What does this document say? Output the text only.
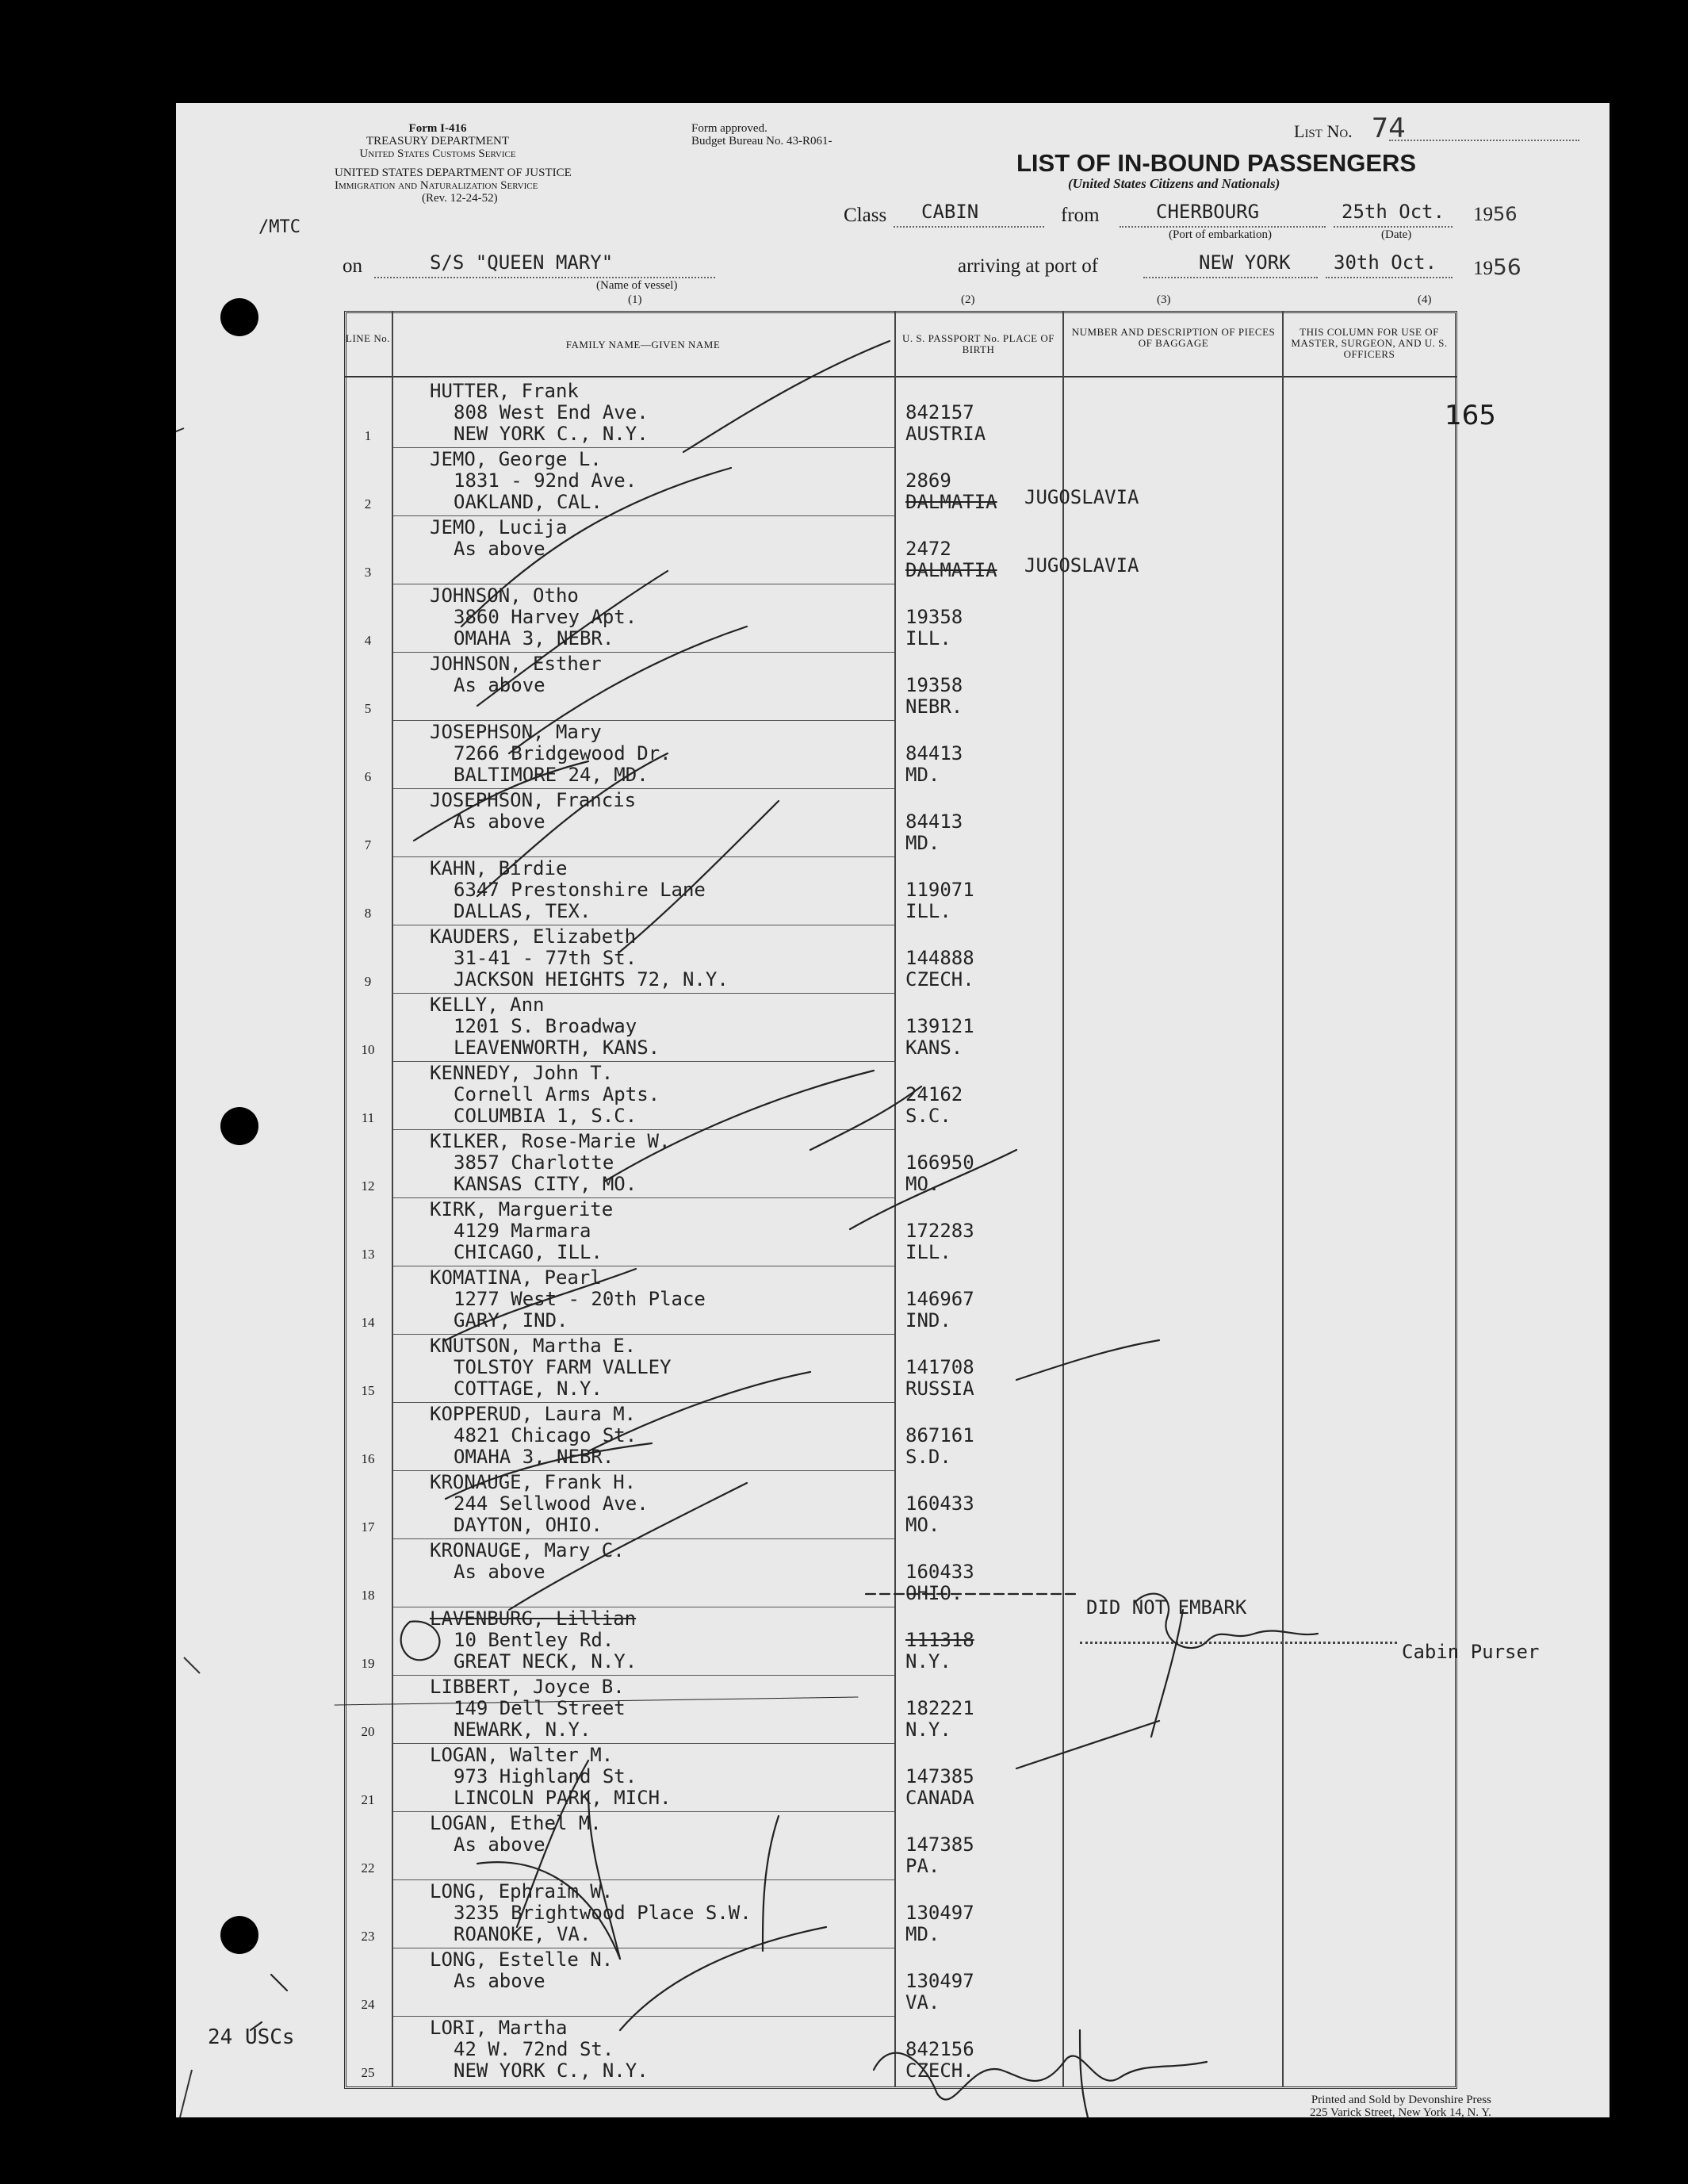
Form I-416
TREASURY DEPARTMENT
United States Customs Service
UNITED STATES DEPARTMENT OF JUSTICE
Immigration and Naturalization Service
(Rev. 12-24-52)
Form approved.
Budget Bureau No. 43-R061-	List No. 74
LIST OF IN-BOUND PASSENGERS
(United States Citizens and Nationals)
Class CABIN	from	CHERBOURG
(Port of embarkation)
25th Oct.
(Date)
1956
/MTC
on	S/S "QUEEN MARY"
(Name of vessel)
arriving at port of	NEW YORK 30th Oct. 1956
(1)	(2)	(3)	(4)
LINE No.
FAMILY NAME—GIVEN NAME
U. S. PASSPORT No. PLACE OF BIRTH
NUMBER AND DESCRIPTION OF PIECES OF BAGGAGE
THIS COLUMN FOR USE OF MASTER, SURGEON, AND U. S. OFFICERS
1
HUTTER, Frank
808 West End Ave.
NEW YORK C., N.Y.
842157
AUSTRIA
2
JEMO, George L.
1831 - 92nd Ave.
OAKLAND, CAL.
2869
DALMATIA JUGOSLAVIA
3
JEMO, Lucija
As above	2472
DALMATIA JUGOSLAVIA
4
JOHNSON, Otho
3860 Harvey Apt.
OMAHA 3, NEBR.
19358
ILL.
5
JOHNSON, Esther
As above	19358
NEBR.
6
JOSEPHSON, Mary
7266 Bridgewood Dr.
BALTIMORE 24, MD.
84413
MD.
7
JOSEPHSON, Francis
As above	84413
MD.
8
KAHN, Birdie
6347 Prestonshire Lane
DALLAS, TEX.
119071
ILL.
9
KAUDERS, Elizabeth
31-41 - 77th St.
JACKSON HEIGHTS 72, N.Y.
144888
CZECH.
10
KELLY, Ann
1201 S. Broadway
LEAVENWORTH, KANS.
139121
KANS.
11
KENNEDY, John T.
Cornell Arms Apts.
COLUMBIA 1, S.C.
24162
S.C.
12
KILKER, Rose-Marie W.
3857 Charlotte
KANSAS CITY, MO.
166950
MO.
13
KIRK, Marguerite
4129 Marmara
CHICAGO, ILL.
172283
ILL.
14
KOMATINA, Pearl
1277 West - 20th Place
GARY, IND.
146967
IND.
15
KNUTSON, Martha E.
TOLSTOY FARM VALLEY
COTTAGE, N.Y.
141708
RUSSIA
16
KOPPERUD, Laura M.
4821 Chicago St.
OMAHA 3, NEBR.
867161
S.D.
17
KRONAUGE, Frank H.
244 Sellwood Ave.
DAYTON, OHIO.
160433
MO.
18
KRONAUGE, Mary C.
As above	160433
OHIO.
19
LAVENBURG, Lillian
10 Bentley Rd.
GREAT NECK, N.Y.
111318
N.Y.
20
LIBBERT, Joyce B.
149 Dell Street
NEWARK, N.Y.
182221
N.Y.
21
LOGAN, Walter M.
973 Highland St.
LINCOLN PARK, MICH.
147385
CANADA
22
LOGAN, Ethel M.
As above	147385
PA.
23
LONG, Ephraim W.
3235 Brightwood Place S.W.
ROANOKE, VA.
130497
MD.
24
LONG, Estelle N.
As above	130497
VA.
25
LORI, Martha
42 W. 72nd St.
NEW YORK C., N.Y.
842156
CZECH.
165
DID NOT EMBARK
Cabin Purser
24 USCs
Printed and Sold by Devonshire Press
225 Varick Street, New York 14, N. Y.
